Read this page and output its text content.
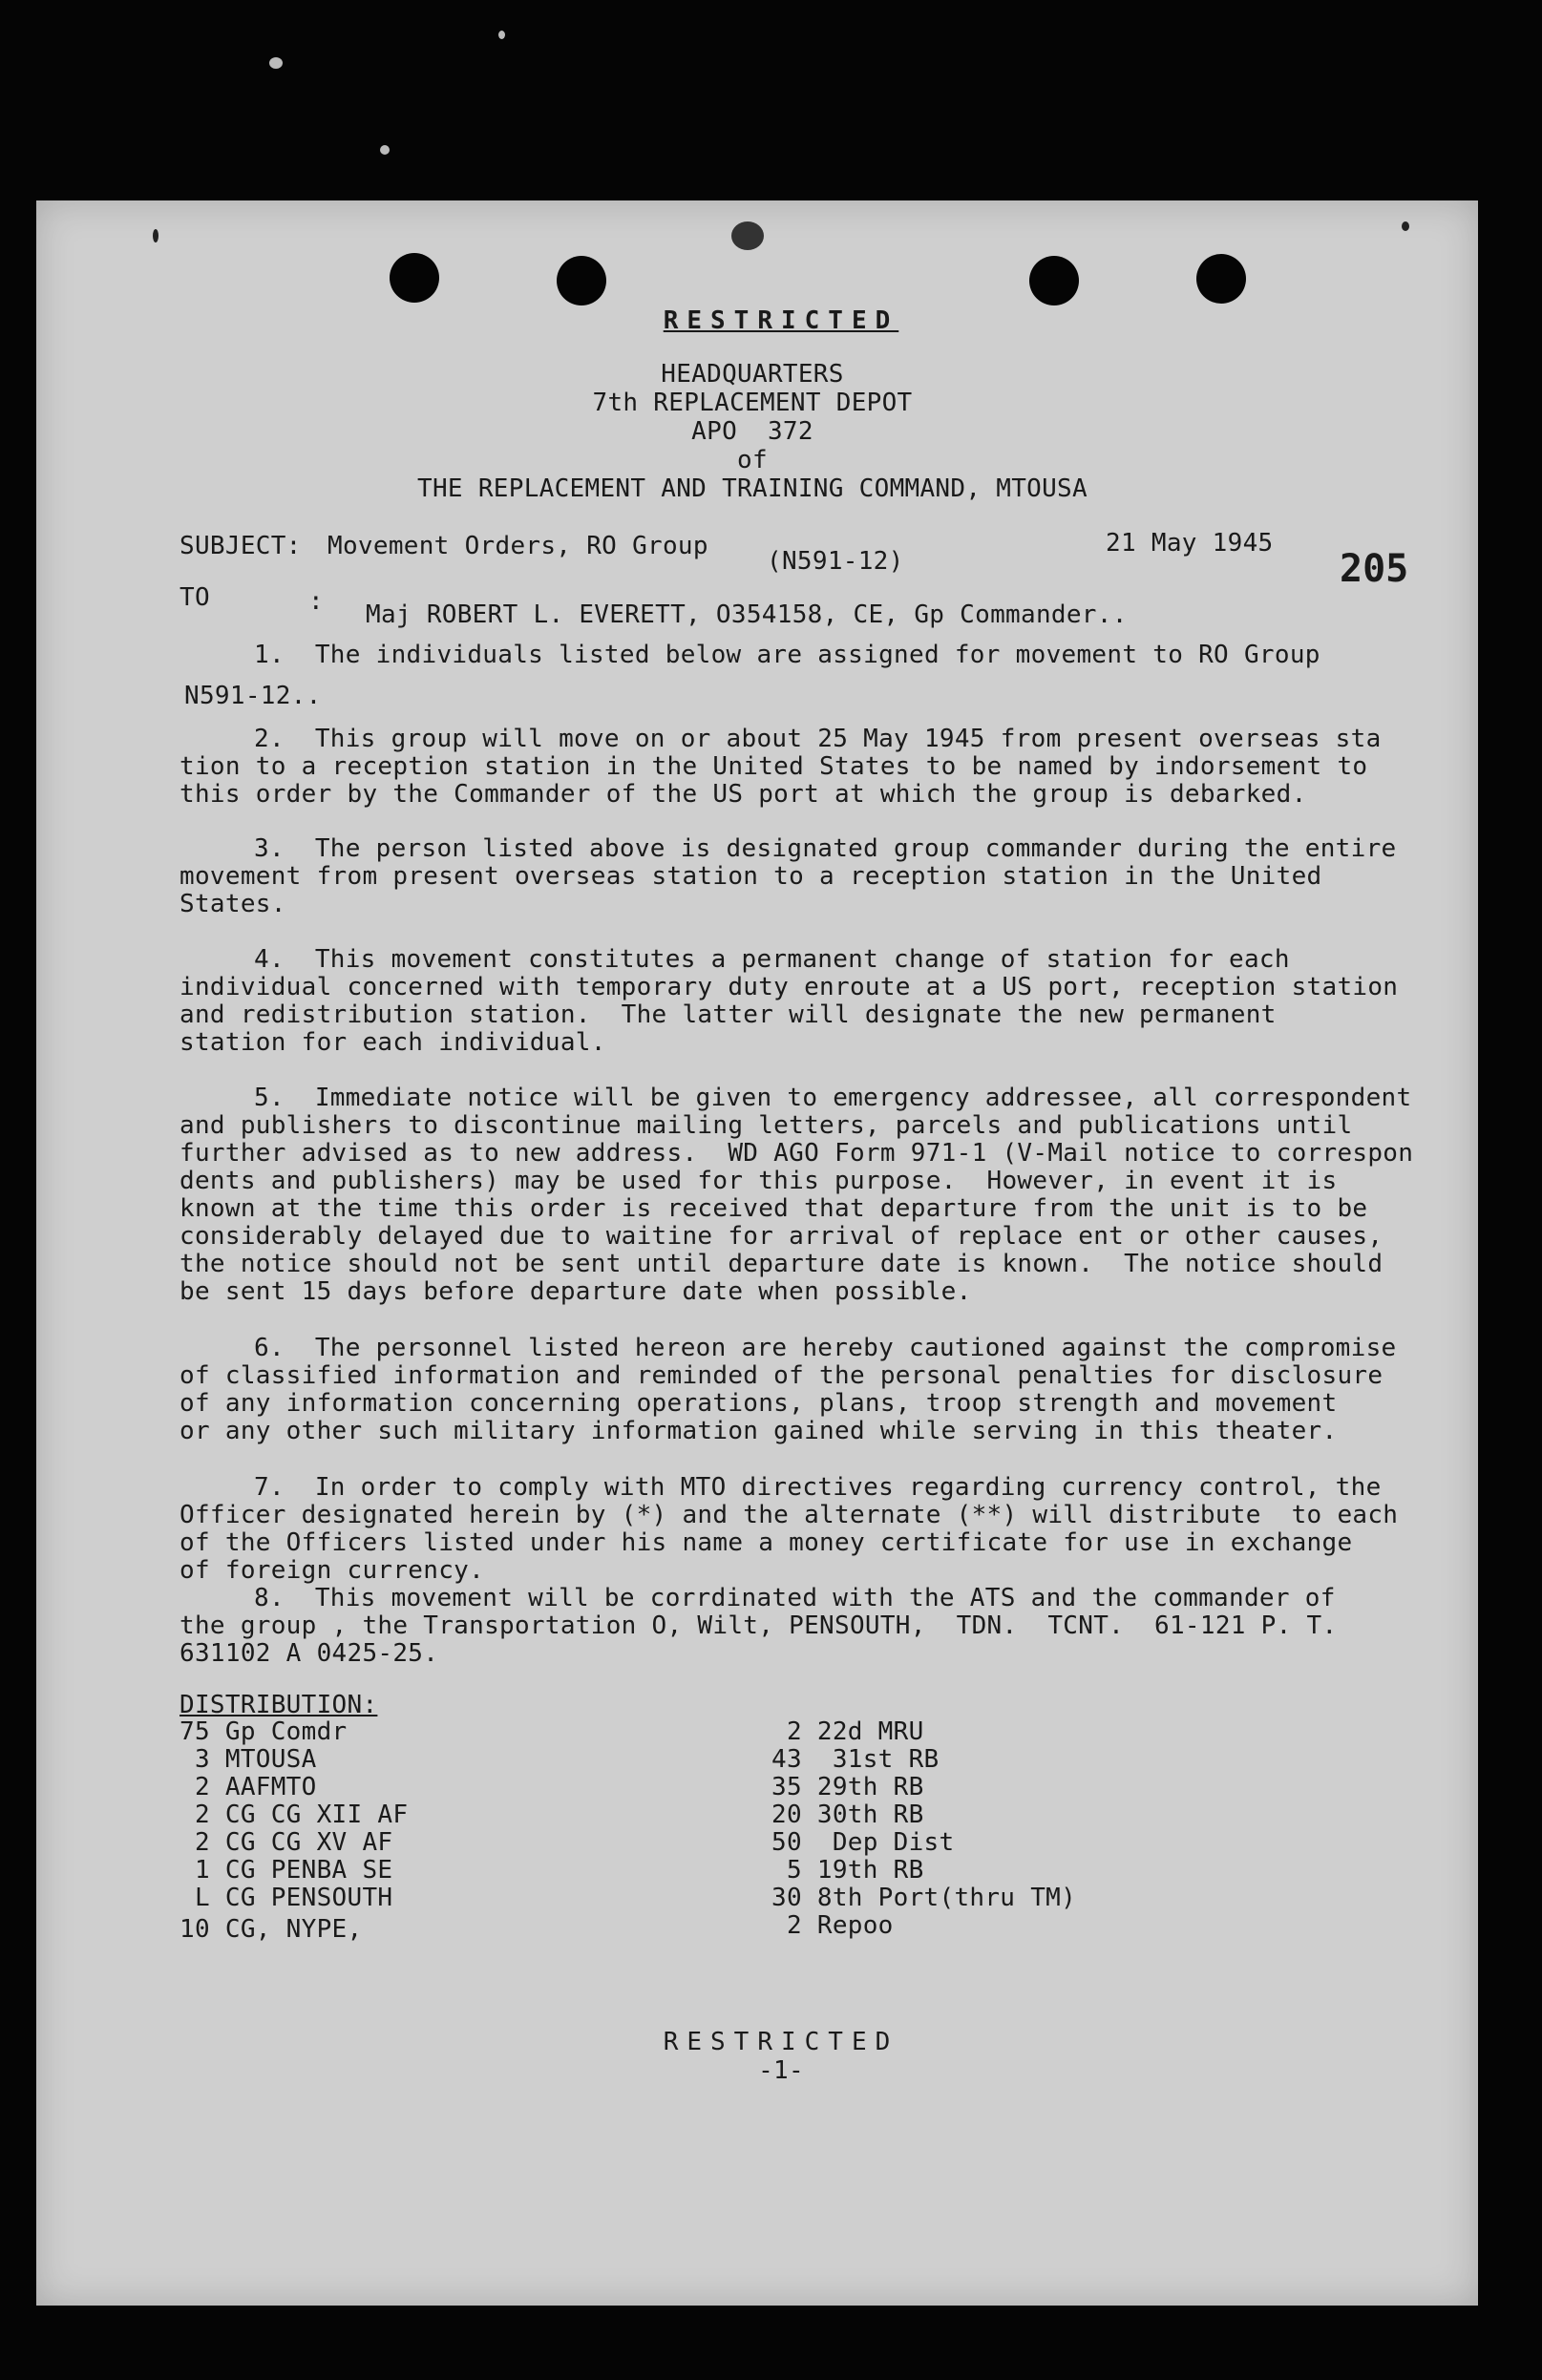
RESTRICTED
HEADQUARTERS
7th REPLACEMENT DEPOT
APO  372
of
THE REPLACEMENT AND TRAINING COMMAND, MTOUSA
SUBJECT: Movement Orders, RO Group
(N591-12)
21 May 1945
205
TO	: Maj ROBERT L. EVERETT, O354158, CE, Gp Commander..
1.  The individuals listed below are assigned for movement to RO Group
N591-12..
2.  This group will move on or about 25 May 1945 from present overseas sta
tion to a reception station in the United States to be named by indorsement to
this order by the Commander of the US port at which the group is debarked.
3.  The person listed above is designated group commander during the entire
movement from present overseas station to a reception station in the United
States.
4.  This movement constitutes a permanent change of station for each
individual concerned with temporary duty enroute at a US port, reception station
and redistribution station.  The latter will designate the new permanent
station for each individual.
5.  Immediate notice will be given to emergency addressee, all correspondent
and publishers to discontinue mailing letters, parcels and publications until
further advised as to new address.  WD AGO Form 971-1 (V-Mail notice to correspon
dents and publishers) may be used for this purpose.  However, in event it is
known at the time this order is received that departure from the unit is to be
considerably delayed due to waitine for arrival of replace ent or other causes,
the notice should not be sent until departure date is known.  The notice should
be sent 15 days before departure date when possible.
6.  The personnel listed hereon are hereby cautioned against the compromise
of classified information and reminded of the personal penalties for disclosure
of any information concerning operations, plans, troop strength and movement
or any other such military information gained while serving in this theater.
7.  In order to comply with MTO directives regarding currency control, the
Officer designated herein by (*) and the alternate (**) will distribute  to each
of the Officers listed under his name a money certificate for use in exchange
of foreign currency.
8.  This movement will be corrdinated with the ATS and the commander of
the group , the Transportation O, Wilt, PENSOUTH,  TDN.  TCNT.  61-121 P. T.
631102 A 0425-25.
DISTRIBUTION:
75 Gp Comdr
3 MTOUSA
2 AAFMTO
2 CG CG XII AF
2 CG CG XV AF
1 CG PENBA SE
L CG PENSOUTH
10 CG, NYPE,
2 22d MRU
43  31st RB
35 29th RB
20 30th RB
50  Dep Dist
5 19th RB
30 8th Port(thru TM)
2 Repoo
RESTRICTED
-1-
